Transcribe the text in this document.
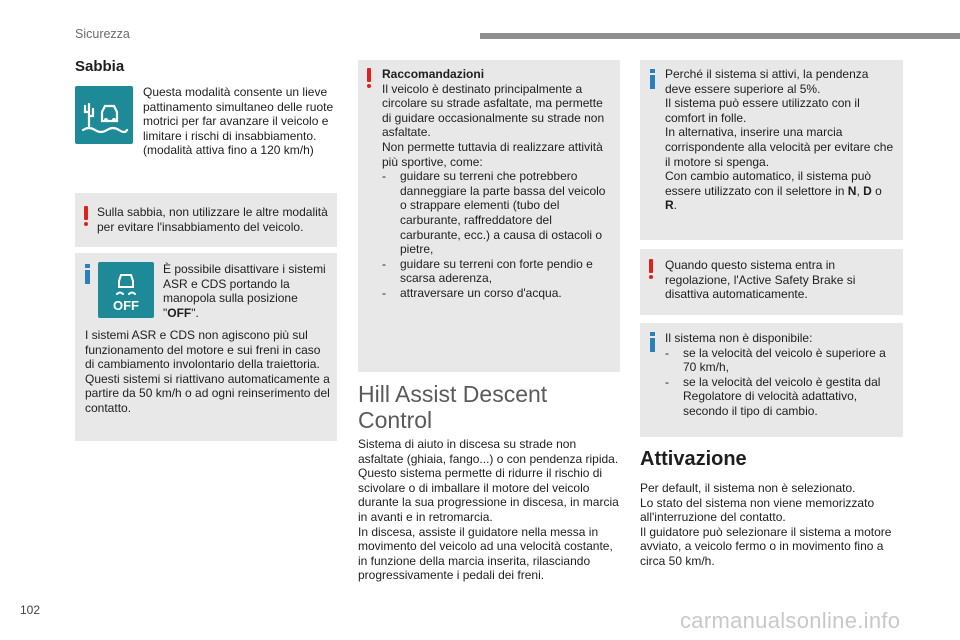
Sicurezza
Sabbia
Questa modalità consente un lieve pattinamento simultaneo delle ruote motrici per far avanzare il veicolo e limitare i rischi di insabbiamento. (modalità attiva fino a 120 km/h)
Sulla sabbia, non utilizzare le altre modalità per evitare l'insabbiamento del veicolo.
OFF
È possibile disattivare i sistemi ASR e CDS portando la manopola sulla posizione "OFF".
I sistemi ASR e CDS non agiscono più sul funzionamento del motore e sui freni in caso di cambiamento involontario della traiettoria.
Questi sistemi si riattivano automaticamente a partire da 50 km/h o ad ogni reinserimento del contatto.
Raccomandazioni
Il veicolo è destinato principalmente a circolare su strade asfaltate, ma permette di guidare occasionalmente su strade non asfaltate.
Non permette tuttavia di realizzare attività più sportive, come:
- guidare su terreni che potrebbero danneggiare la parte bassa del veicolo o strappare elementi (tubo del carburante, raffreddatore del carburante, ecc.) a causa di ostacoli o pietre,
- guidare su terreni con forte pendio e scarsa aderenza,
- attraversare un corso d'acqua.
Hill Assist Descent Control
Sistema di aiuto in discesa su strade non asfaltate (ghiaia, fango...) o con pendenza ripida.
Questo sistema permette di ridurre il rischio di scivolare o di imballare il motore del veicolo durante la sua progressione in discesa, in marcia in avanti e in retromarcia.
In discesa, assiste il guidatore nella messa in movimento del veicolo ad una velocità costante, in funzione della marcia inserita, rilasciando progressivamente i pedali dei freni.
Perché il sistema si attivi, la pendenza deve essere superiore al 5%.
Il sistema può essere utilizzato con il comfort in folle.
In alternativa, inserire una marcia corrispondente alla velocità per evitare che il motore si spenga.
Con cambio automatico, il sistema può essere utilizzato con il selettore in N, D o R.
Quando questo sistema entra in regolazione, l'Active Safety Brake si disattiva automaticamente.
Il sistema non è disponibile:
- se la velocità del veicolo è superiore a 70 km/h,
- se la velocità del veicolo è gestita dal Regolatore di velocità adattativo, secondo il tipo di cambio.
Attivazione
Per default, il sistema non è selezionato.
Lo stato del sistema non viene memorizzato all'interruzione del contatto.
Il guidatore può selezionare il sistema a motore avviato, a veicolo fermo o in movimento fino a circa 50 km/h.
102	carmanualsonline.info
